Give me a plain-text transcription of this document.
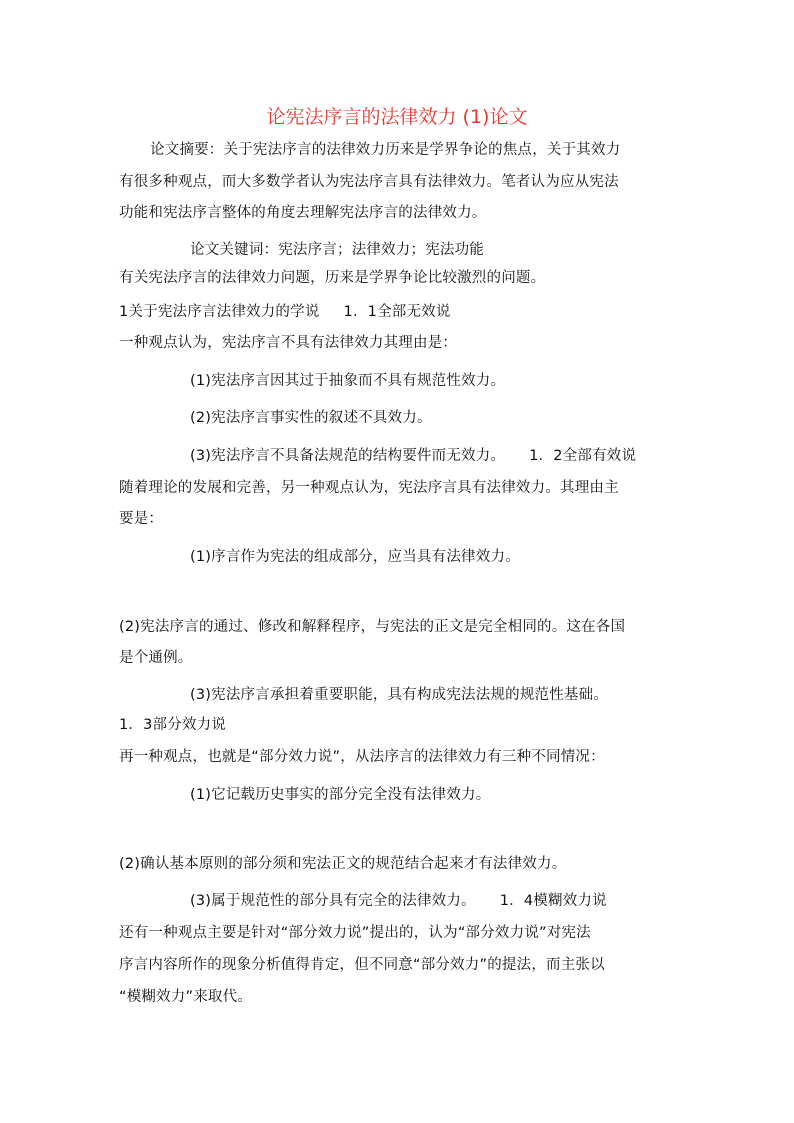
论宪法序言的法律效力 (1)论文
论文摘要：关于宪法序言的法律效力历来是学界争论的焦点，关于其效力
有很多种观点，而大多数学者认为宪法序言具有法律效力。笔者认为应从宪法
功能和宪法序言整体的角度去理解宪法序言的法律效力。
论文关键词：宪法序言；法律效力；宪法功能
有关宪法序言的法律效力问题，历来是学界争论比较激烈的问题。
1关于宪法序言法律效力的学说 1．1全部无效说
一种观点认为，宪法序言不具有法律效力其理由是：
(1)宪法序言因其过于抽象而不具有规范性效力。
(2)宪法序言事实性的叙述不具效力。
(3)宪法序言不具备法规范的结构要件而无效力。 1．2全部有效说
随着理论的发展和完善，另一种观点认为，宪法序言具有法律效力。其理由主
要是：
(1)序言作为宪法的组成部分，应当具有法律效力。
(2)宪法序言的通过、修改和解释程序，与宪法的正文是完全相同的。这在各国
是个通例。
(3)宪法序言承担着重要职能，具有构成宪法法规的规范性基础。
1．3部分效力说
再一种观点，也就是“部分效力说”，从法序言的法律效力有三种不同情况：
(1)它记载历史事实的部分完全没有法律效力。
(2)确认基本原则的部分须和宪法正文的规范结合起来才有法律效力。
(3)属于规范性的部分具有完全的法律效力。 1．4模糊效力说
还有一种观点主要是针对“部分效力说”提出的，认为“部分效力说”对宪法
序言内容所作的现象分析值得肯定，但不同意“部分效力”的提法，而主张以
“模糊效力”来取代。
